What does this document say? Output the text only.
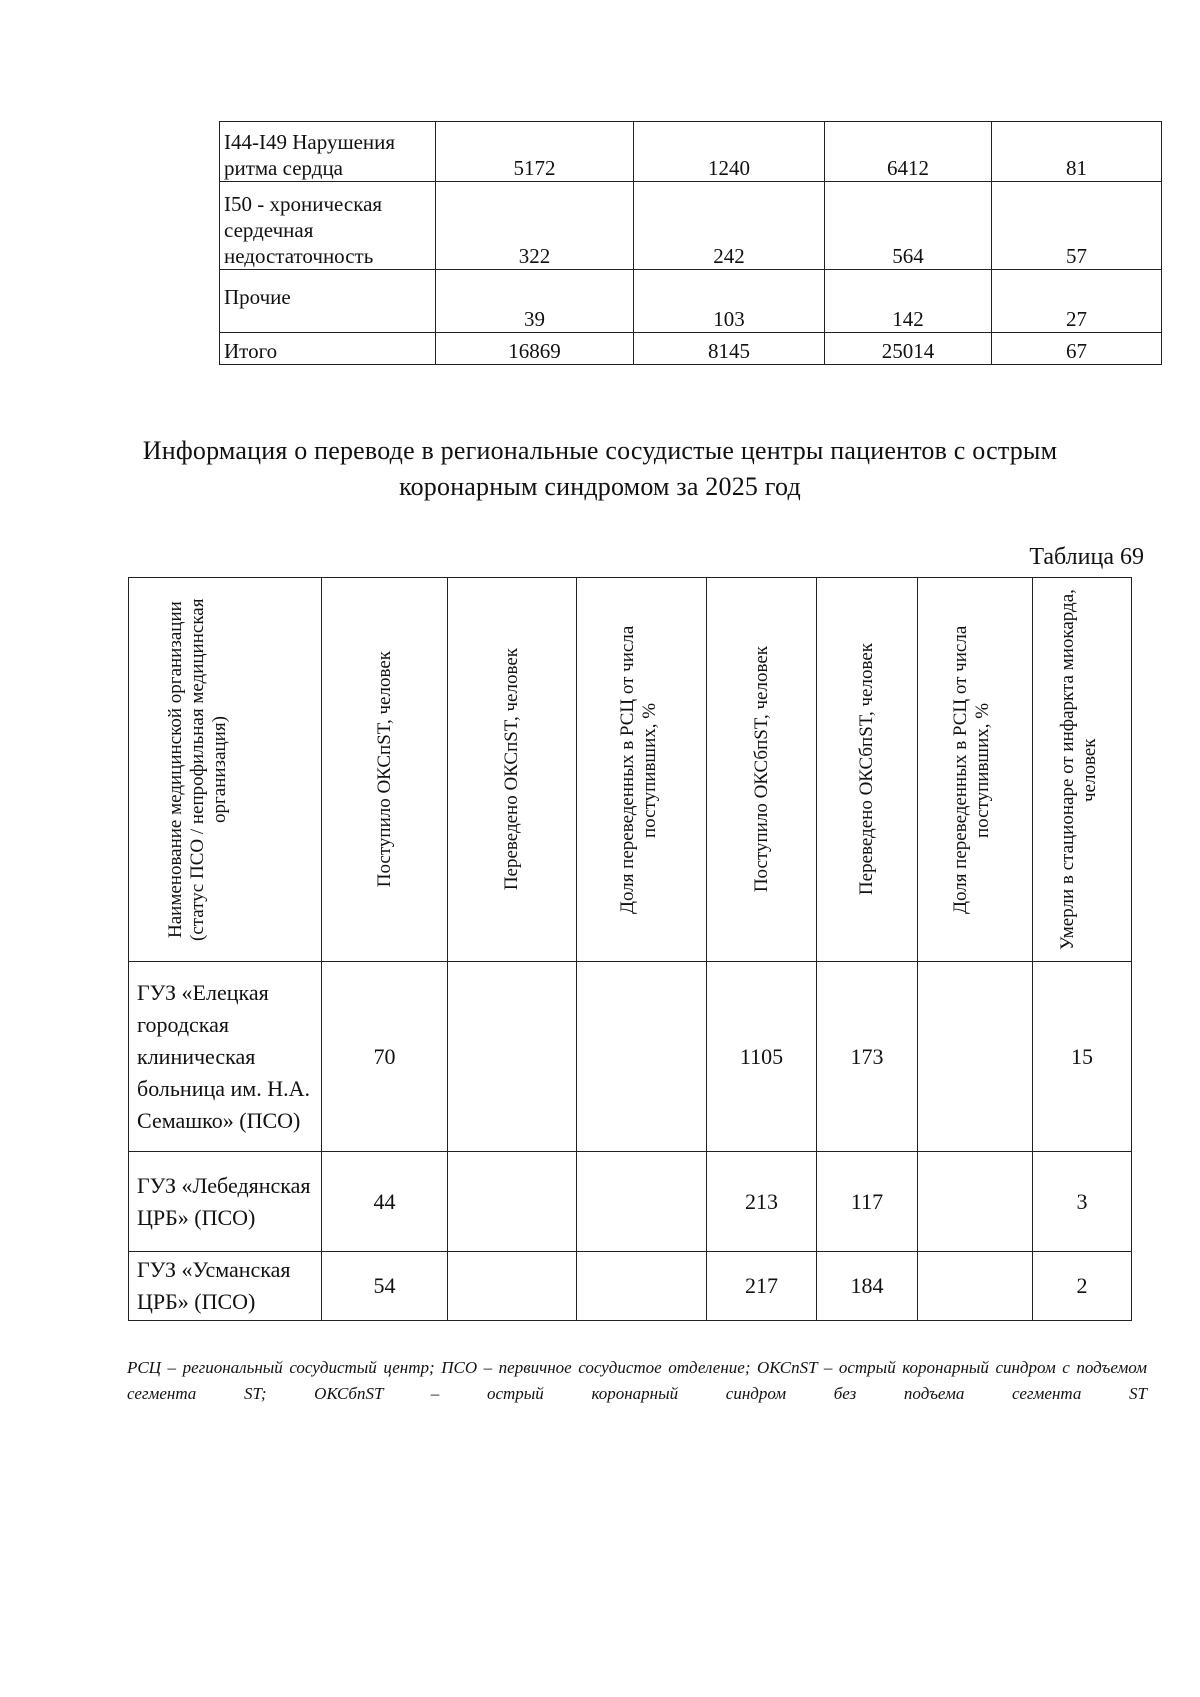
I44-I49 Нарушения ритма сердца	5172	1240	6412	81
I50 - хроническая сердечная недостаточность	322	242	564	57
Прочие	39	103	142	27
Итого	16869	8145	25014	67
Информация о переводе в региональные сосудистые центры пациентов с острым коронарным синдромом за 2025 год
Таблица 69
Наименование медицинской организации (статус ПСО / непрофильная медицинская организация)	Поступило ОКСпST, человек	Переведено ОКСпST, человек	Доля переведенных в РСЦ от числа поступивших, %	Поступило ОКСбпST, человек	Переведено ОКСбпST, человек	Доля переведенных в РСЦ от числа поступивших, %	Умерли в стационаре от инфаркта миокарда, человек

ГУЗ «Елецкая городская клиническая больница им. Н.А. Семашко» (ПСО)	70			1105	173		15
ГУЗ «Лебедянская ЦРБ» (ПСО)	44			213	117		3
ГУЗ «Усманская ЦРБ» (ПСО)	54			217	184		2
РСЦ – региональный сосудистый центр; ПСО – первичное сосудистое отделение; ОКСпST – острый коронарный синдром с подъемом сегмента ST; ОКСбпST – острый коронарный синдром без подъема сегмента ST
